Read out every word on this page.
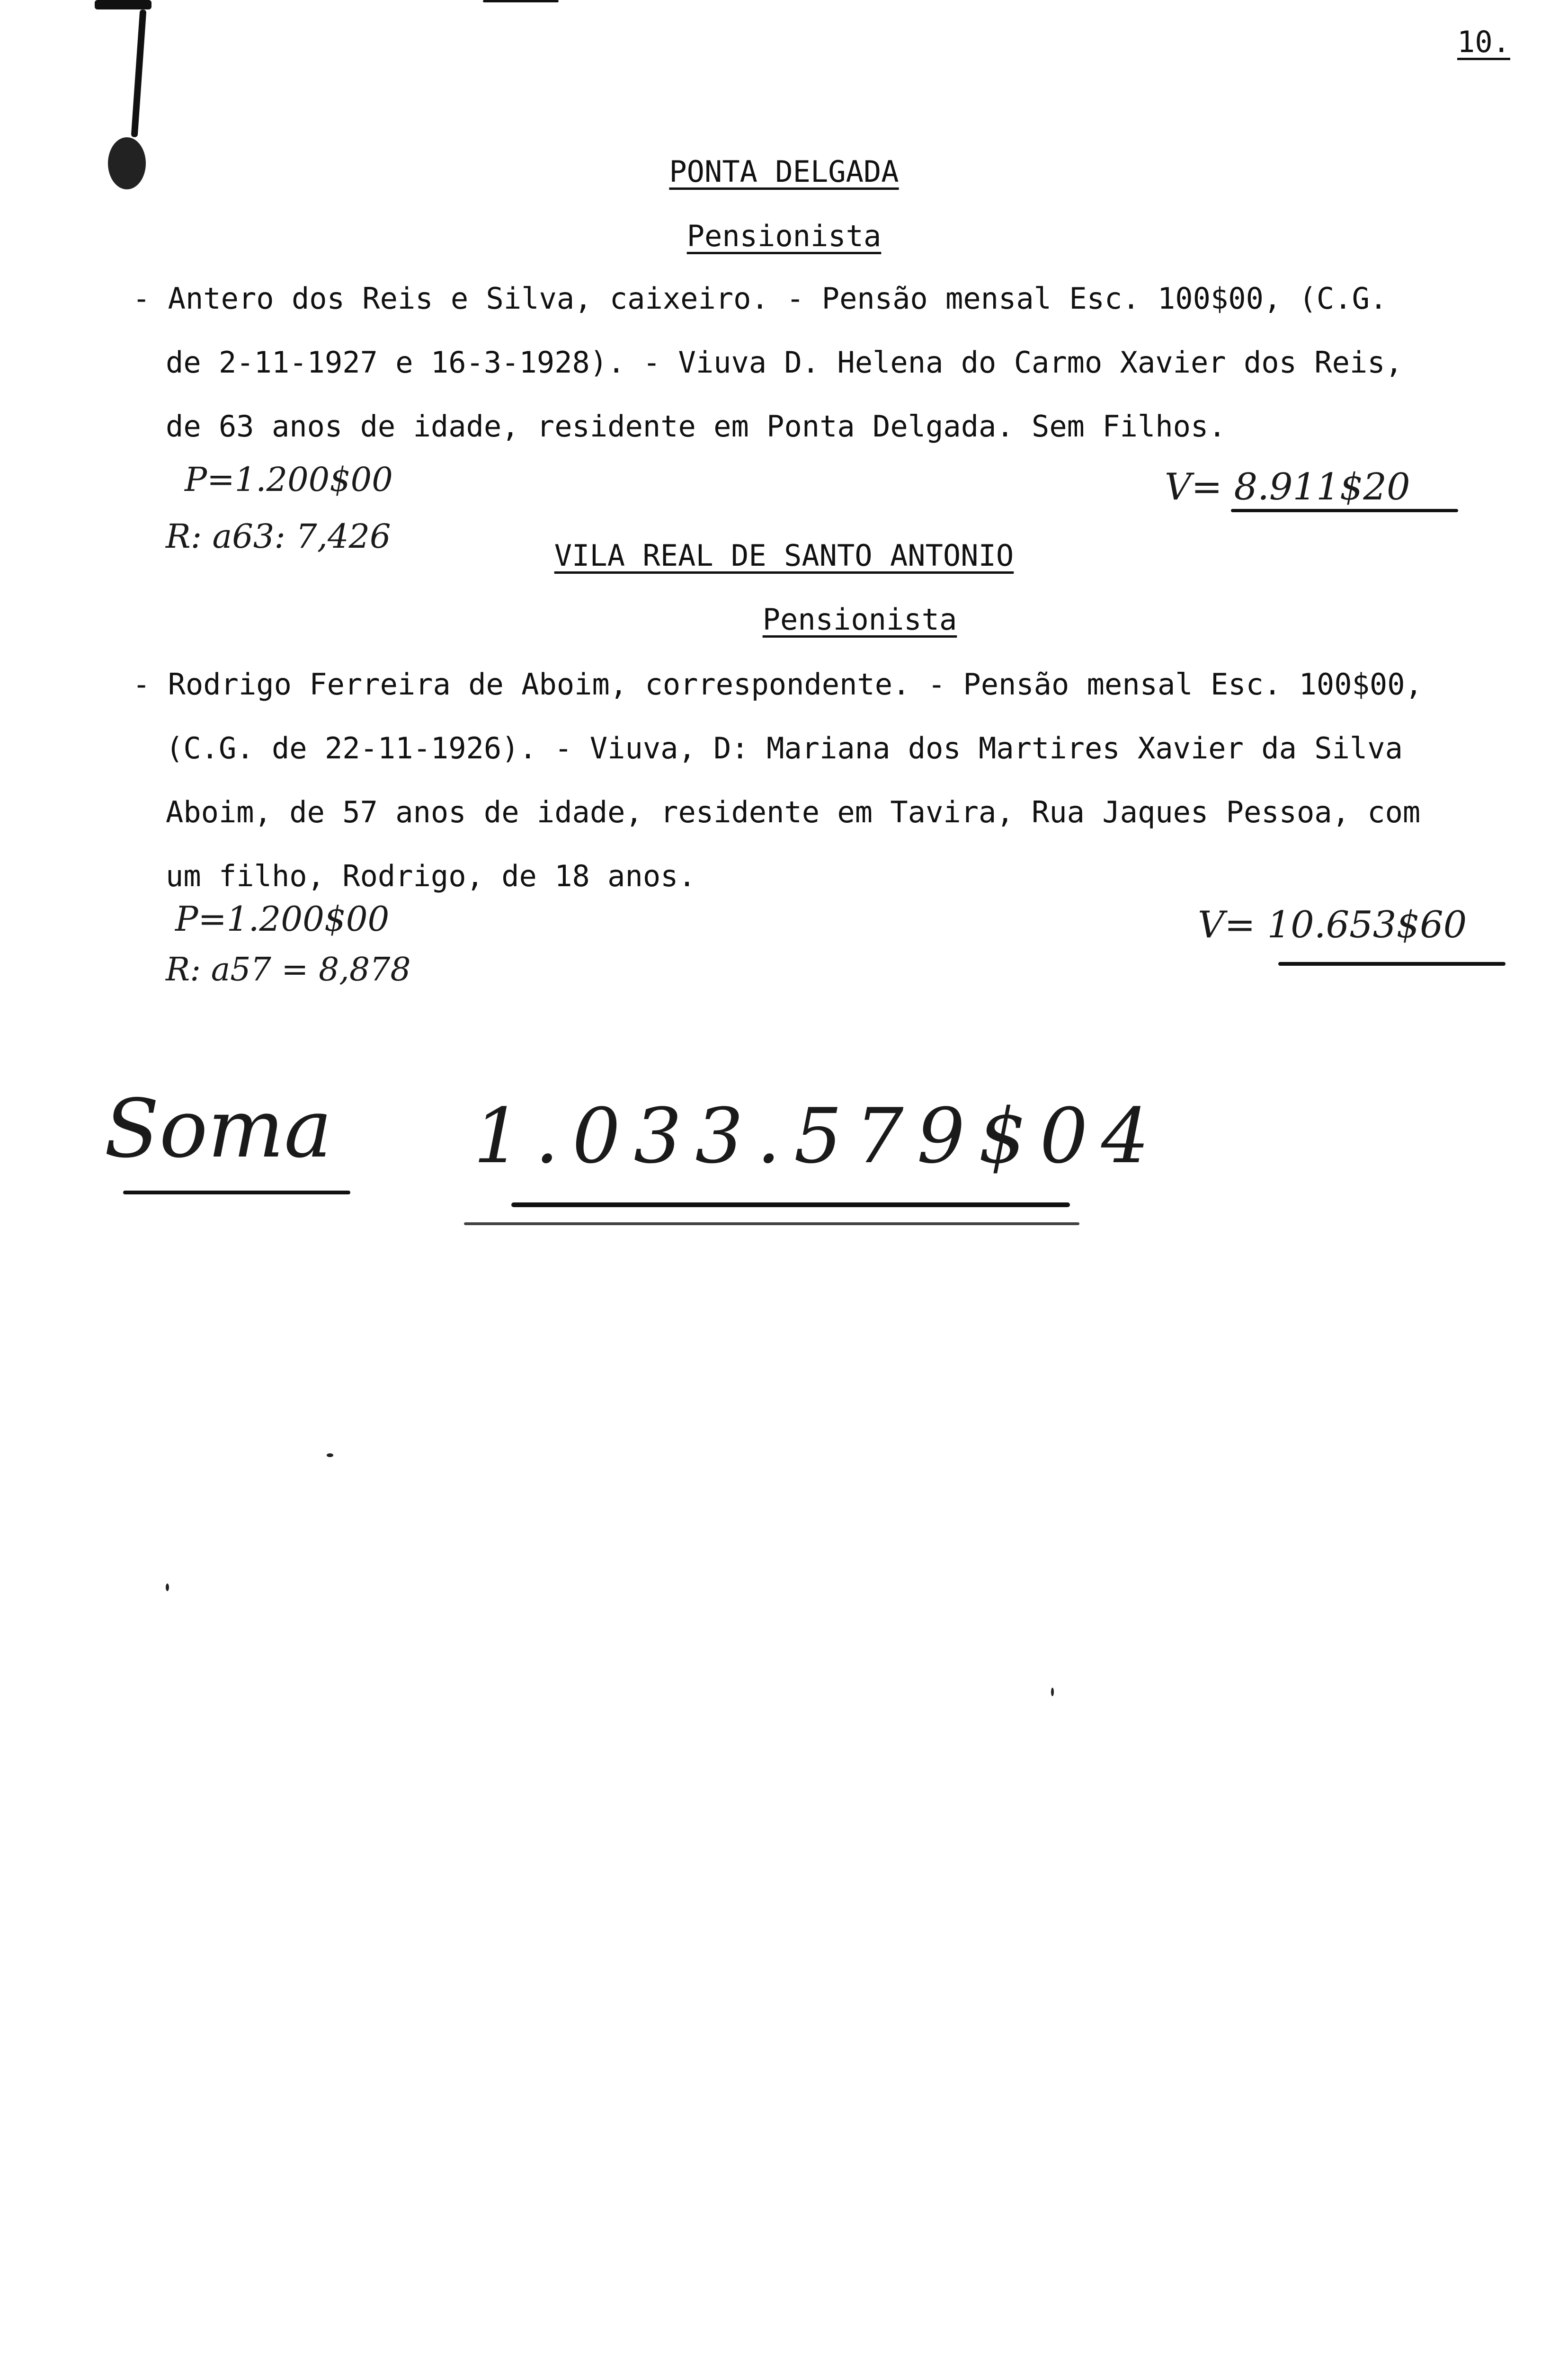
10.
PONTA DELGADA
Pensionista
- Antero dos Reis e Silva, caixeiro. - Pensão mensal Esc. 100$00, (C.G.
de 2-11-1927 e 16-3-1928). - Viuva D. Helena do Carmo Xavier dos Reis,
de 63 anos de idade, residente em Ponta Delgada. Sem Filhos.
P=1.200$00
R: a63: 7,426
V= 8.911$20
VILA REAL DE SANTO ANTONIO
Pensionista
- Rodrigo Ferreira de Aboim, correspondente. - Pensão mensal Esc. 100$00,
(C.G. de 22-11-1926). - Viuva, D: Mariana dos Martires Xavier da Silva
Aboim, de 57 anos de idade, residente em Tavira, Rua Jaques Pessoa, com
um filho, Rodrigo, de 18 anos.
P=1.200$00
R: a57 = 8,878
V= 10.653$60
Soma 1.033.579$04
